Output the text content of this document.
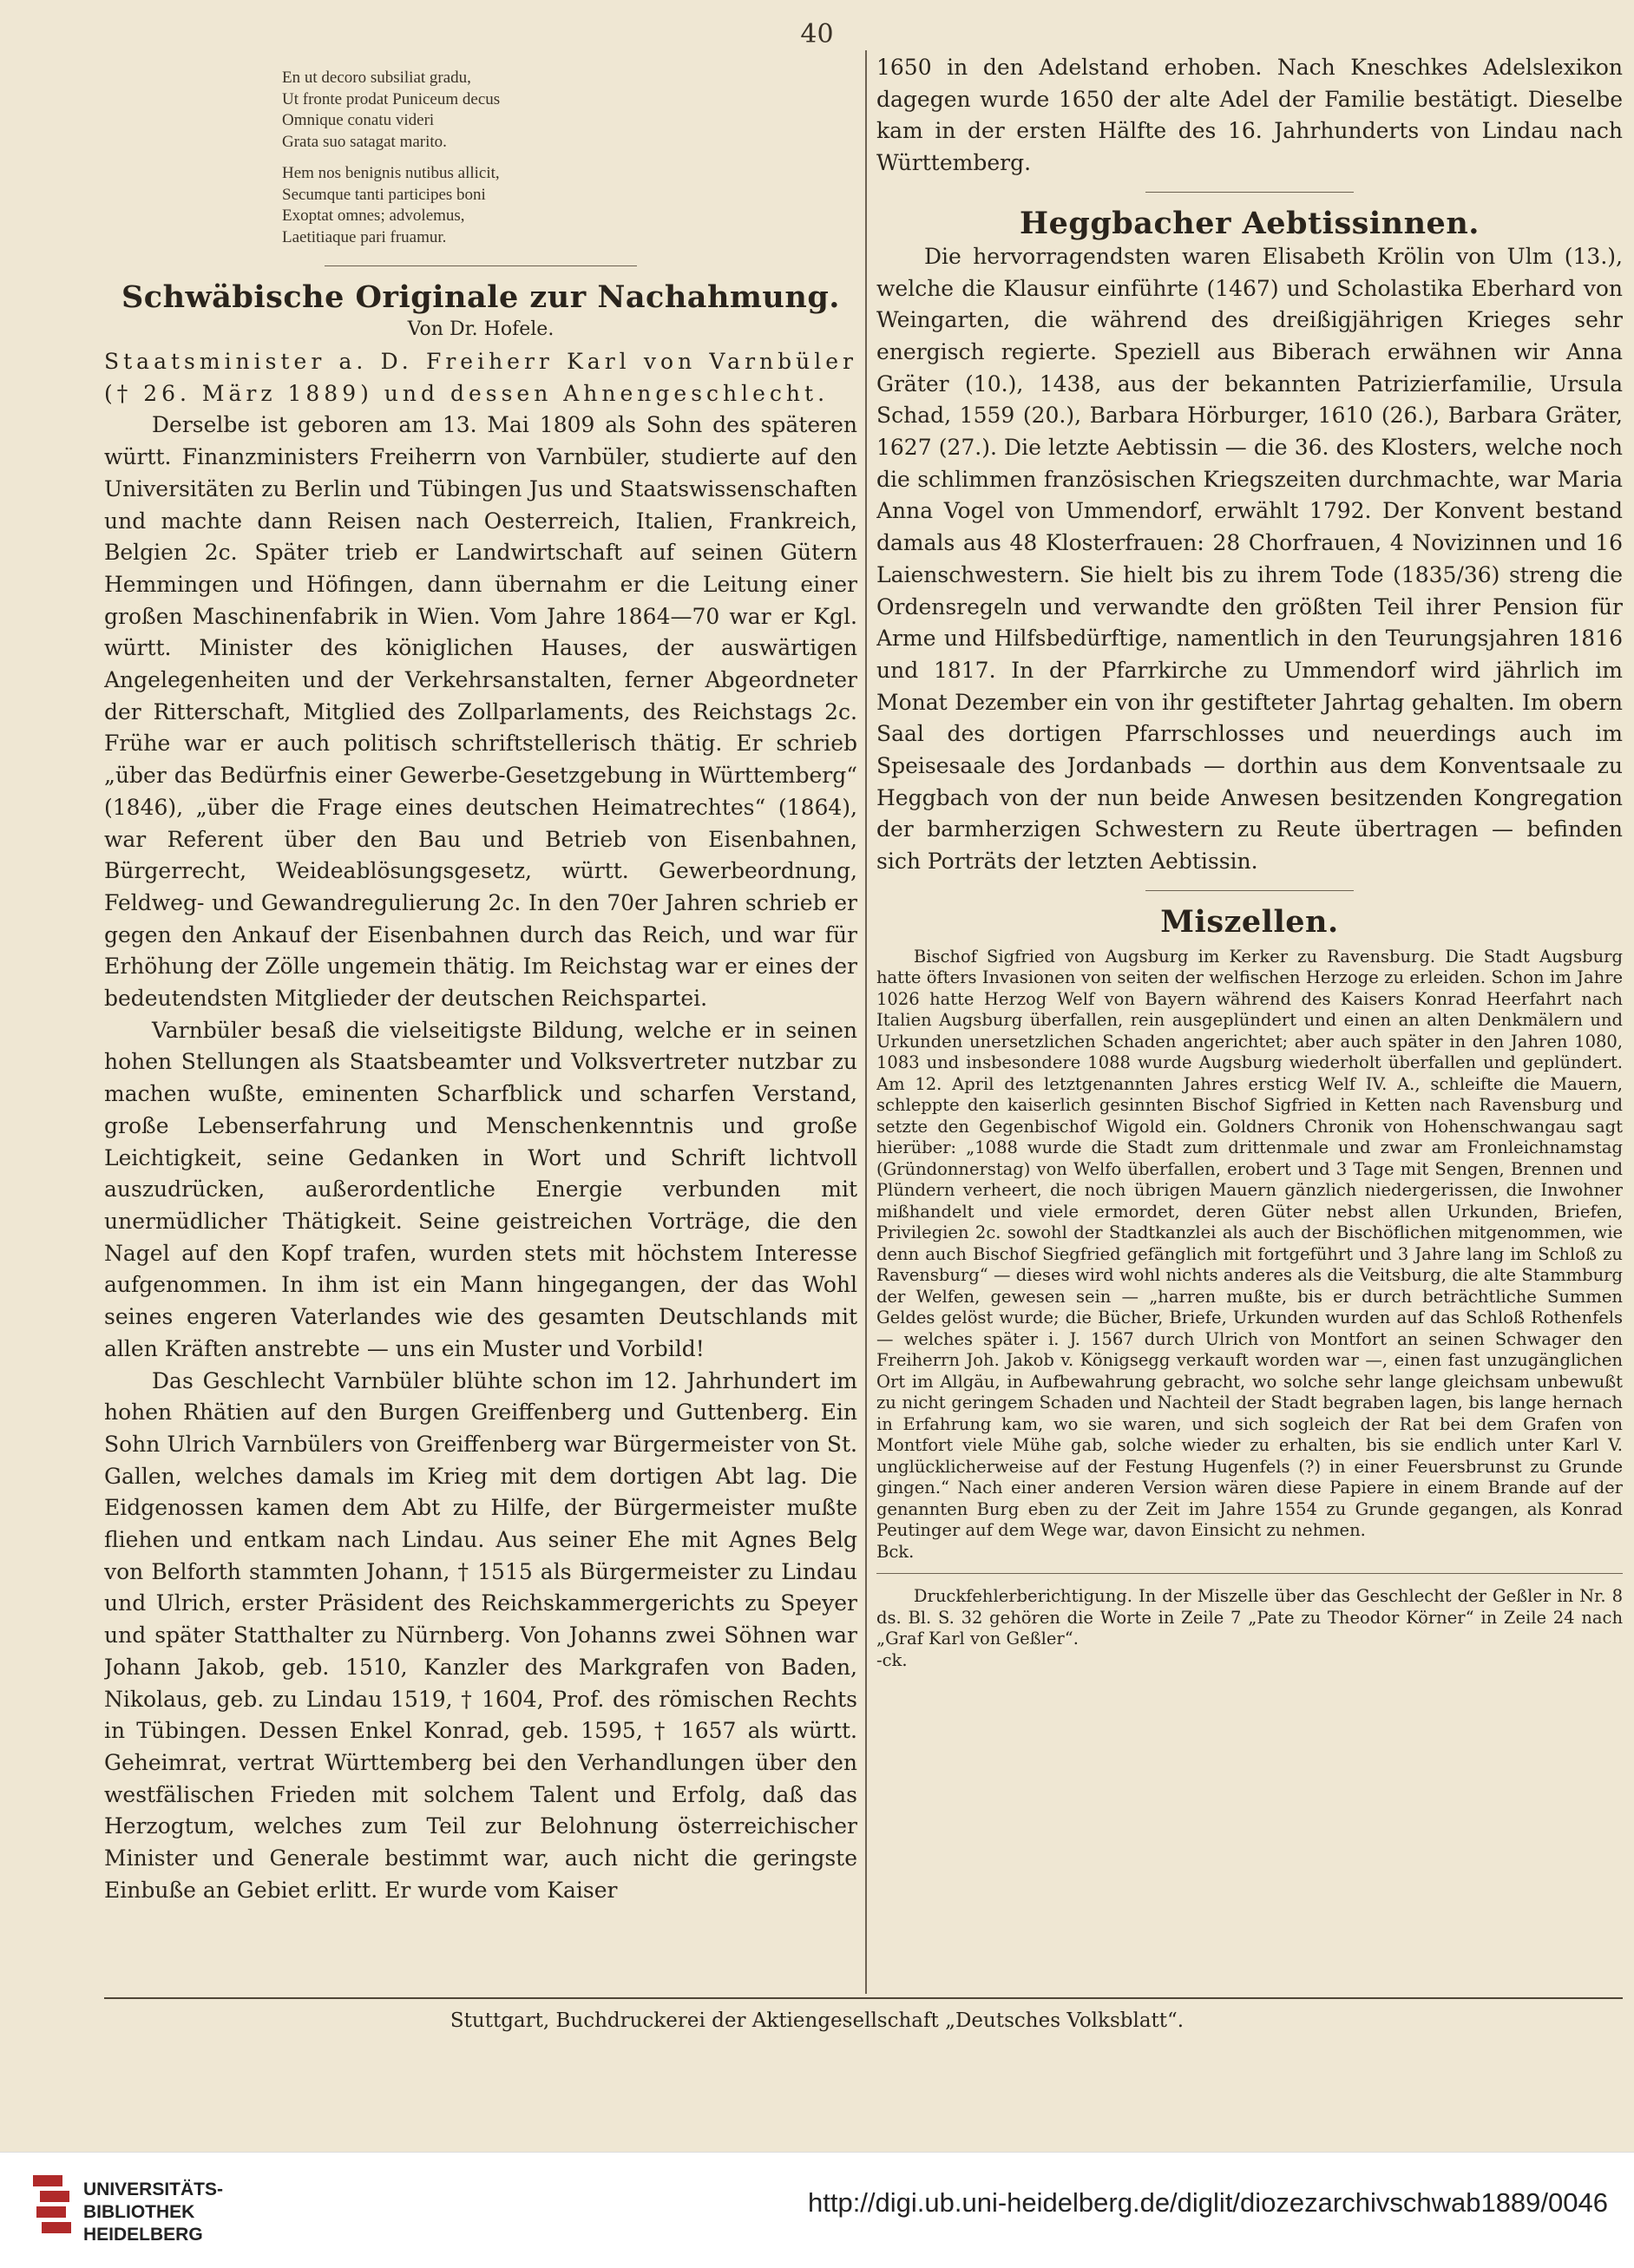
40

En ut decoro subsiliat gradu,

Ut fronte prodat Puniceum decus

Omnique conatu videri

Grata suo satagat marito.

Hem nos benignis nutibus allicit,

Secumque tanti participes boni

Exoptat omnes; advolemus,

Laetitiaque pari fruamur.

Schwäbische Originale zur Nachahmung.
Von Dr. Hofele.

Staatsminister a. D. Freiherr Karl von Varnbüler († 26. März 1889) und dessen Ahnengeschlecht.

Derselbe ist geboren am 13. Mai 1809 als Sohn des späteren württ. Finanzministers Freiherrn von Varnbüler, studierte auf den Universitäten zu Berlin und Tübingen Jus und Staatswissenschaften und machte dann Reisen nach Oesterreich, Italien, Frankreich, Belgien 2c. Später trieb er Landwirtschaft auf seinen Gütern Hemmingen und Höfingen, dann übernahm er die Leitung einer großen Maschinenfabrik in Wien. Vom Jahre 1864—70 war er Kgl. württ. Minister des königlichen Hauses, der auswärtigen Angelegenheiten und der Verkehrsanstalten, ferner Abgeordneter der Ritterschaft, Mitglied des Zollparlaments, des Reichstags 2c. Frühe war er auch politisch schriftstellerisch thätig. Er schrieb „über das Bedürfnis einer Gewerbe-Gesetzgebung in Württemberg“ (1846), „über die Frage eines deutschen Heimatrechtes“ (1864), war Referent über den Bau und Betrieb von Eisenbahnen, Bürgerrecht, Weideablösungsgesetz, württ. Gewerbeordnung, Feldweg- und Gewandregulierung 2c. In den 70er Jahren schrieb er gegen den Ankauf der Eisenbahnen durch das Reich, und war für Erhöhung der Zölle ungemein thätig. Im Reichstag war er eines der bedeutendsten Mitglieder der deutschen Reichspartei.

Varnbüler besaß die vielseitigste Bildung, welche er in seinen hohen Stellungen als Staatsbeamter und Volksvertreter nutzbar zu machen wußte, eminenten Scharfblick und scharfen Verstand, große Lebenserfahrung und Menschenkenntnis und große Leichtigkeit, seine Gedanken in Wort und Schrift lichtvoll auszudrücken, außerordentliche Energie verbunden mit unermüdlicher Thätigkeit. Seine geistreichen Vorträge, die den Nagel auf den Kopf trafen, wurden stets mit höchstem Interesse aufgenommen. In ihm ist ein Mann hingegangen, der das Wohl seines engeren Vaterlandes wie des gesamten Deutschlands mit allen Kräften anstrebte — uns ein Muster und Vorbild!

Das Geschlecht Varnbüler blühte schon im 12. Jahrhundert im hohen Rhätien auf den Burgen Greiffenberg und Guttenberg. Ein Sohn Ulrich Varnbülers von Greiffenberg war Bürgermeister von St. Gallen, welches damals im Krieg mit dem dortigen Abt lag. Die Eidgenossen kamen dem Abt zu Hilfe, der Bürgermeister mußte fliehen und entkam nach Lindau. Aus seiner Ehe mit Agnes Belg von Belforth stammten Johann, † 1515 als Bürgermeister zu Lindau und Ulrich, erster Präsident des Reichskammergerichts zu Speyer und später Statthalter zu Nürnberg. Von Johanns zwei Söhnen war Johann Jakob, geb. 1510, Kanzler des Markgrafen von Baden, Nikolaus, geb. zu Lindau 1519, † 1604, Prof. des römischen Rechts in Tübingen. Dessen Enkel Konrad, geb. 1595, † 1657 als württ. Geheimrat, vertrat Württemberg bei den Verhandlungen über den westfälischen Frieden mit solchem Talent und Erfolg, daß das Herzogtum, welches zum Teil zur Belohnung österreichischer Minister und Generale bestimmt war, auch nicht die geringste Einbuße an Gebiet erlitt. Er wurde vom Kaiser

1650 in den Adelstand erhoben. Nach Kneschkes Adelslexikon dagegen wurde 1650 der alte Adel der Familie bestätigt. Dieselbe kam in der ersten Hälfte des 16. Jahrhunderts von Lindau nach Württemberg.

Heggbacher Aebtissinnen.

Die hervorragendsten waren Elisabeth Krölin von Ulm (13.), welche die Klausur einführte (1467) und Scholastika Eberhard von Weingarten, die während des dreißigjährigen Krieges sehr energisch regierte. Speziell aus Biberach erwähnen wir Anna Gräter (10.), 1438, aus der bekannten Patrizierfamilie, Ursula Schad, 1559 (20.), Barbara Hörburger, 1610 (26.), Barbara Gräter, 1627 (27.). Die letzte Aebtissin — die 36. des Klosters, welche noch die schlimmen französischen Kriegszeiten durchmachte, war Maria Anna Vogel von Ummendorf, erwählt 1792. Der Konvent bestand damals aus 48 Klosterfrauen: 28 Chorfrauen, 4 Novizinnen und 16 Laienschwestern. Sie hielt bis zu ihrem Tode (1835/36) streng die Ordensregeln und verwandte den größten Teil ihrer Pension für Arme und Hilfsbedürftige, namentlich in den Teurungsjahren 1816 und 1817. In der Pfarrkirche zu Ummendorf wird jährlich im Monat Dezember ein von ihr gestifteter Jahrtag gehalten. Im obern Saal des dortigen Pfarrschlosses und neuerdings auch im Speisesaale des Jordanbads — dorthin aus dem Konventsaale zu Heggbach von der nun beide Anwesen besitzenden Kongregation der barmherzigen Schwestern zu Reute übertragen — befinden sich Porträts der letzten Aebtissin.

Miszellen.

Bischof Sigfried von Augsburg im Kerker zu Ravensburg. Die Stadt Augsburg hatte öfters Invasionen von seiten der welfischen Herzoge zu erleiden. Schon im Jahre 1026 hatte Herzog Welf von Bayern während des Kaisers Konrad Heerfahrt nach Italien Augsburg überfallen, rein ausgeplündert und einen an alten Denkmälern und Urkunden unersetzlichen Schaden angerichtet; aber auch später in den Jahren 1080, 1083 und insbesondere 1088 wurde Augsburg wiederholt überfallen und geplündert. Am 12. April des letztgenannten Jahres ersticg Welf IV. A., schleifte die Mauern, schleppte den kaiserlich gesinnten Bischof Sigfried in Ketten nach Ravensburg und setzte den Gegenbischof Wigold ein. Goldners Chronik von Hohenschwangau sagt hierüber: „1088 wurde die Stadt zum drittenmale und zwar am Fronleichnamstag (Gründonnerstag) von Welfo überfallen, erobert und 3 Tage mit Sengen, Brennen und Plündern verheert, die noch übrigen Mauern gänzlich niedergerissen, die Inwohner mißhandelt und viele ermordet, deren Güter nebst allen Urkunden, Briefen, Privilegien 2c. sowohl der Stadtkanzlei als auch der Bischöflichen mitgenommen, wie denn auch Bischof Siegfried gefänglich mit fortgeführt und 3 Jahre lang im Schloß zu Ravensburg“ — dieses wird wohl nichts anderes als die Veitsburg, die alte Stammburg der Welfen, gewesen sein — „harren mußte, bis er durch beträchtliche Summen Geldes gelöst wurde; die Bücher, Briefe, Urkunden wurden auf das Schloß Rothenfels — welches später i. J. 1567 durch Ulrich von Montfort an seinen Schwager den Freiherrn Joh. Jakob v. Königsegg verkauft worden war —, einen fast unzugänglichen Ort im Allgäu, in Aufbewahrung gebracht, wo solche sehr lange gleichsam unbewußt zu nicht geringem Schaden und Nachteil der Stadt begraben lagen, bis lange hernach in Erfahrung kam, wo sie waren, und sich sogleich der Rat bei dem Grafen von Montfort viele Mühe gab, solche wieder zu erhalten, bis sie endlich unter Karl V. unglücklicherweise auf der Festung Hugenfels (?) in einer Feuersbrunst zu Grunde gingen.“ Nach einer anderen Version wären diese Papiere in einem Brande auf der genannten Burg eben zu der Zeit im Jahre 1554 zu Grunde gegangen, als Konrad Peutinger auf dem Wege war, davon Einsicht zu nehmen.

Bck.

Druckfehlerberichtigung. In der Miszelle über das Geschlecht der Geßler in Nr. 8 ds. Bl. S. 32 gehören die Worte in Zeile 7 „Pate zu Theodor Körner“ in Zeile 24 nach „Graf Karl von Geßler“.

-ck.

Stuttgart, Buchdruckerei der Aktiengesellschaft „Deutsches Volksblatt“.
UNIVERSITÄTS-
BIBLIOTHEK
HEIDELBERG
http://digi.ub.uni-heidelberg.de/diglit/diozezarchivschwab1889/0046
